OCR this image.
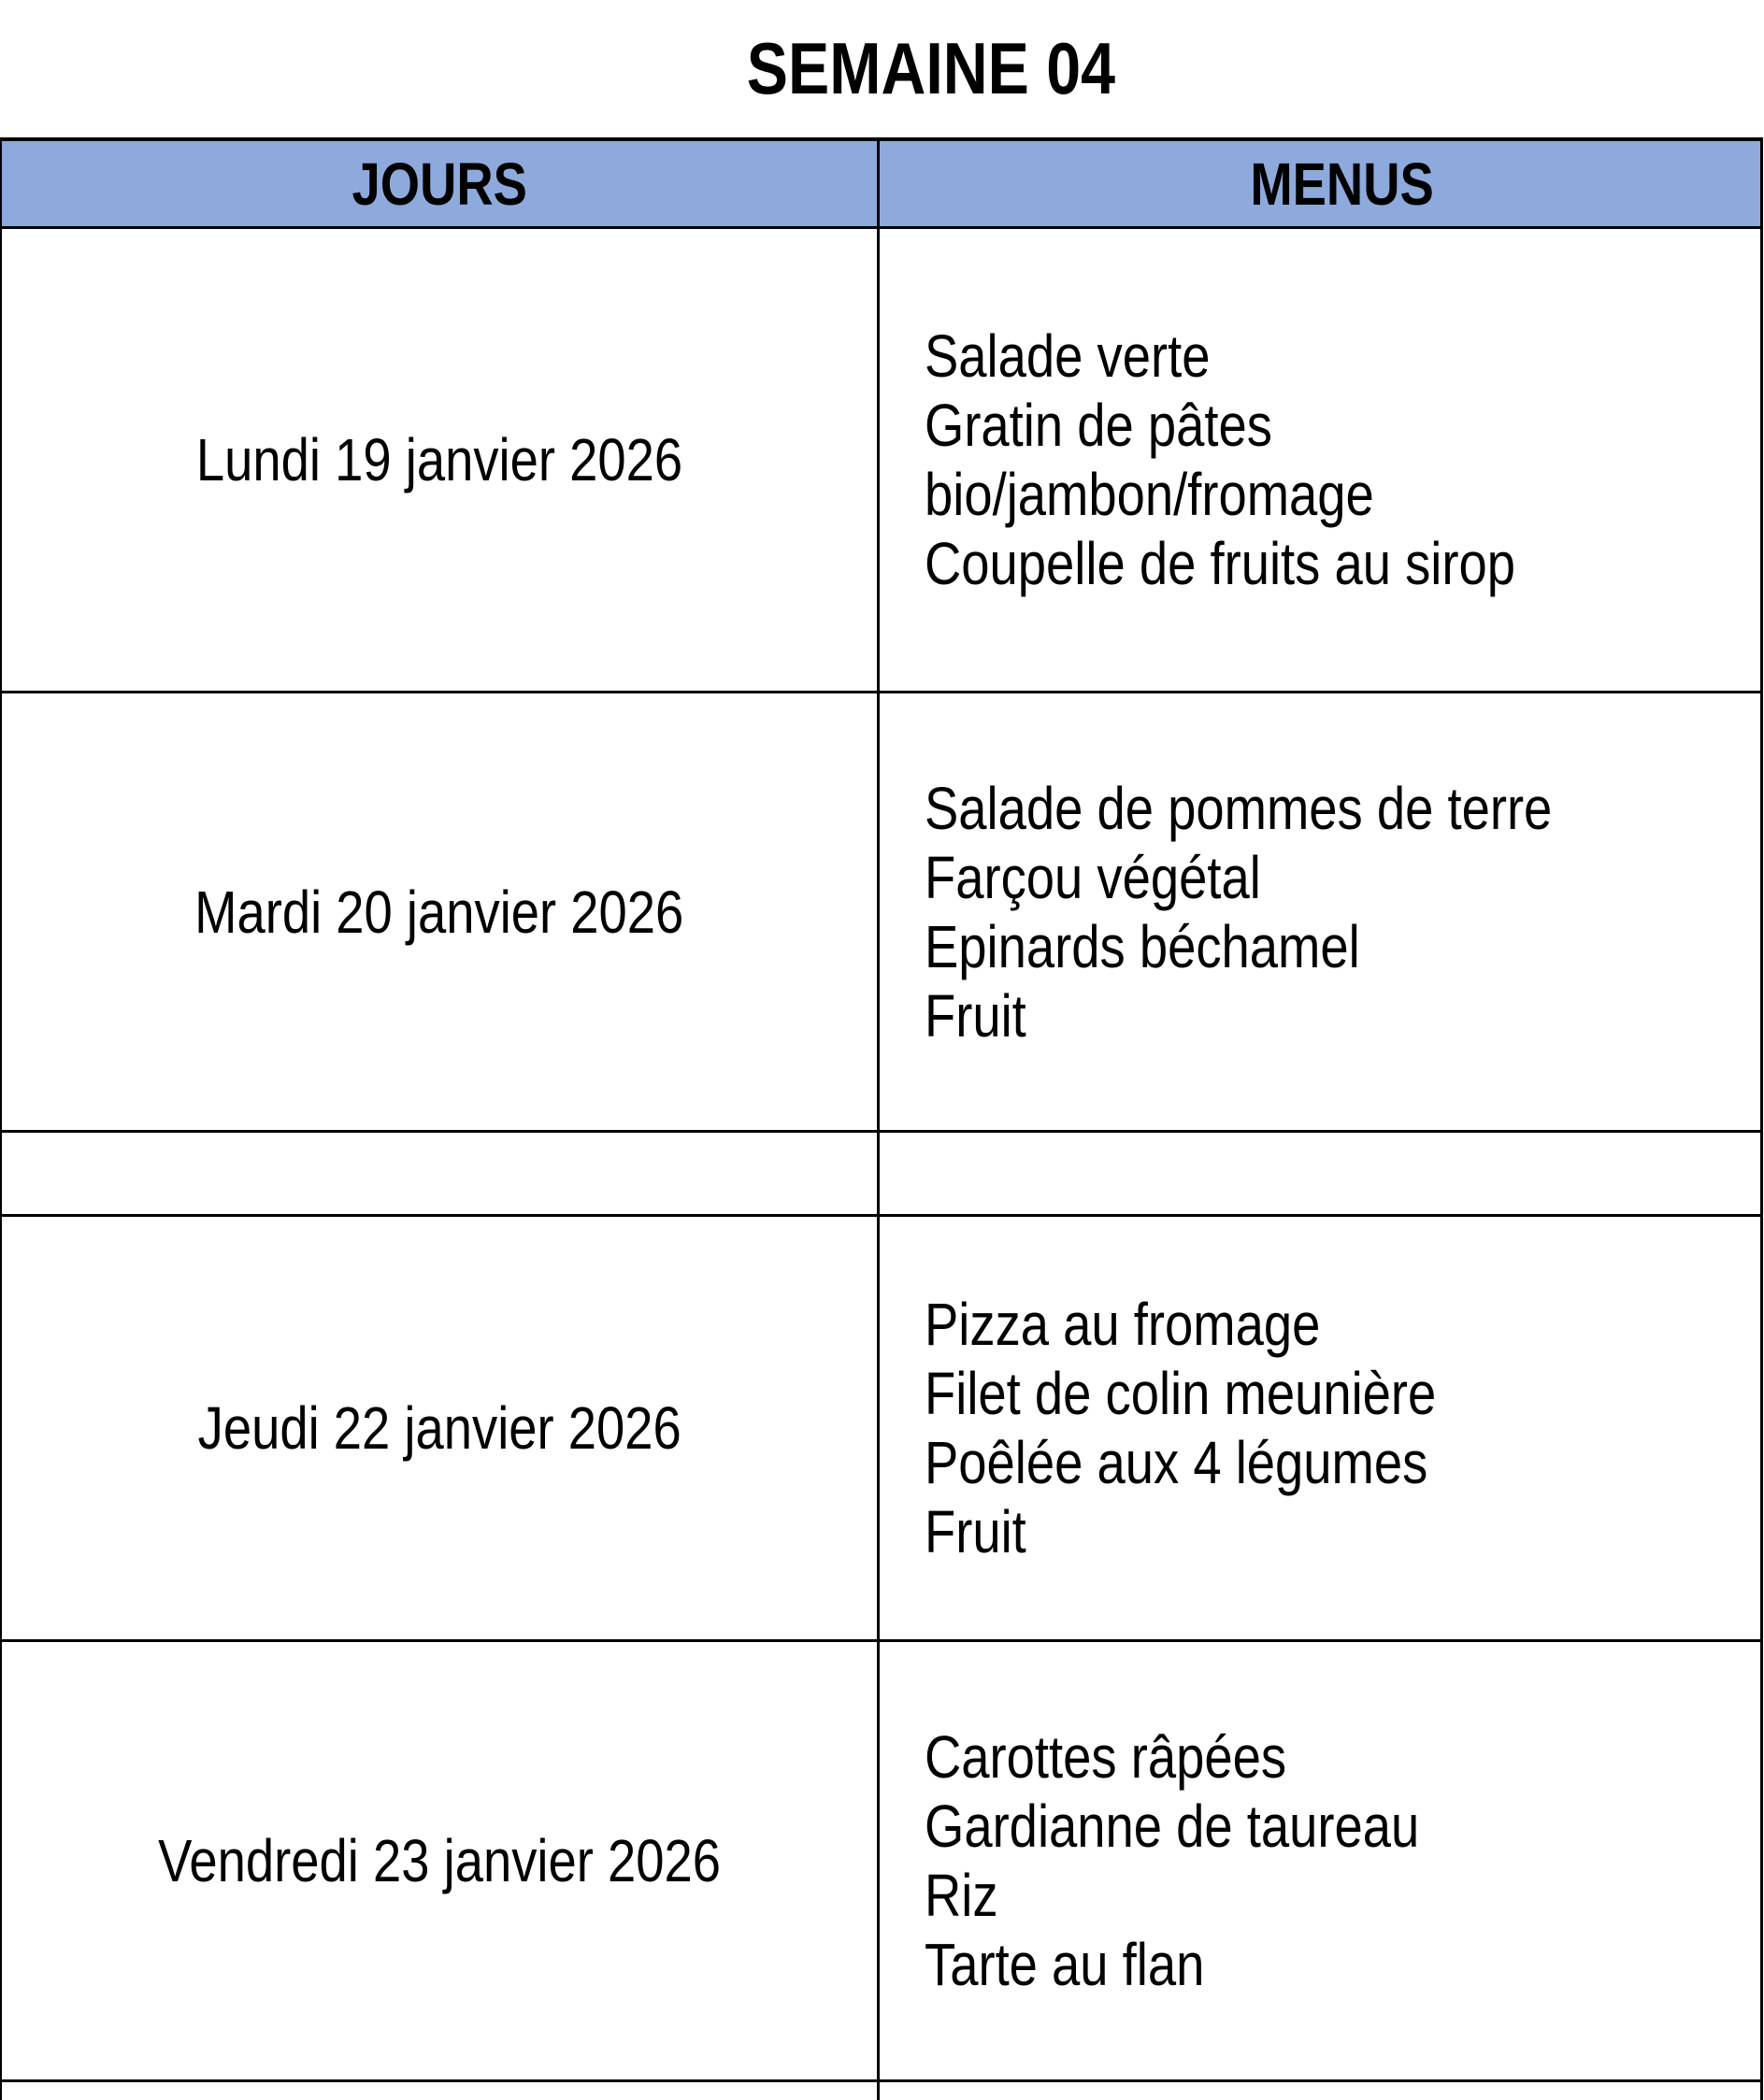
SEMAINE 04
JOURS	MENUS
Lundi 19 janvier 2026
Salade verte
Gratin de pâtes
bio/jambon/fromage
Coupelle de fruits au sirop
Mardi 20 janvier 2026
Salade de pommes de terre
Farçou végétal
Epinards béchamel
Fruit
Jeudi 22 janvier 2026
Pizza au fromage
Filet de colin meunière
Poêlée aux 4 légumes
Fruit
Vendredi 23 janvier 2026
Carottes râpées
Gardianne de taureau
Riz
Tarte au flan
